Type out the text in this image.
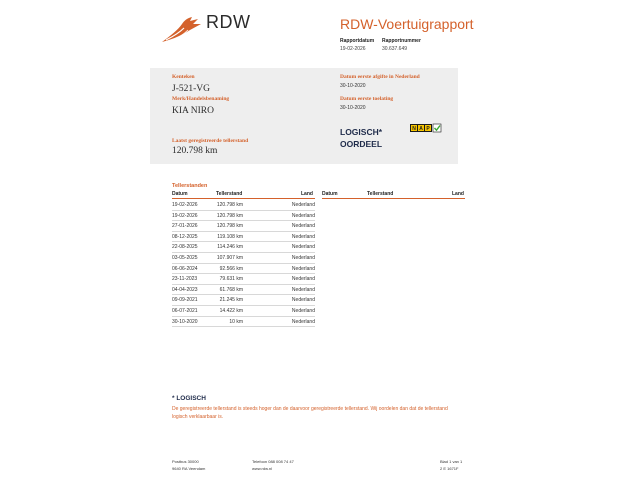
RDW	RDW-Voertuigrapport
Rapportdatum Rapportnummer
19-02-2026	30.637.649
Kenteken
J-521-VG
Merk/Handelsbenaming
KIA NIRO
Laatst geregistreerde tellerstand
120.798 km
Datum eerste afgifte in Nederland
30-10-2020
Datum eerste toelating
30-10-2020
LOGISCH*
OORDEEL
N A P
Tellerstanden
Datum	Tellerstand	Land Datum	Tellerstand	Land
19-02-2026	120.798 km	Nederland
19-02-2026	120.798 km	Nederland
27-01-2026	120.798 km	Nederland
08-12-2025	119.108 km	Nederland
22-08-2025	114.246 km	Nederland
03-05-2025	107.907 km	Nederland
06-06-2024	92.566 km	Nederland
23-11-2023	79.631 km	Nederland
04-04-2023	61.768 km	Nederland
09-09-2021	21.245 km	Nederland
06-07-2021	14.422 km	Nederland
30-10-2020	10 km	Nederland
* LOGISCH
De geregistreerde tellerstand is steeds hoger dan de daarvoor geregistreerde tellerstand. Wij oordelen dan dat de tellerstand logisch verklaarbaar is.
Postbus 30000
9640 RA Veendam
Telefoon 088 008 74 47
www.rdw.nl
Blad 1 van 1
2 E 1671F
